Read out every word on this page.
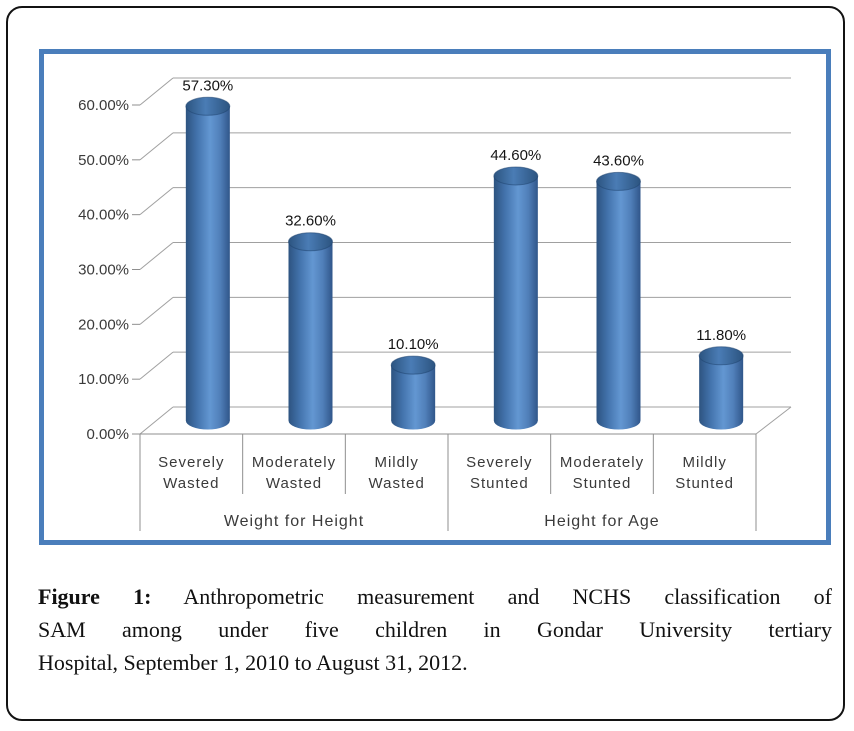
0.00%
10.00%
20.00%
30.00%
40.00%
50.00%
60.00%
57.30%
32.60%
10.10%
44.60%	43.60%
11.80%
Severely
Wasted
Moderately
Wasted
Mildly
Wasted
Severely
Stunted
Moderately
Stunted
Mildly
Stunted
Weight for Height	Height for Age
Figure 1: Anthropometric measurement and NCHS classification of
SAM among under five children in Gondar University tertiary
Hospital, September 1, 2010 to August 31, 2012.
